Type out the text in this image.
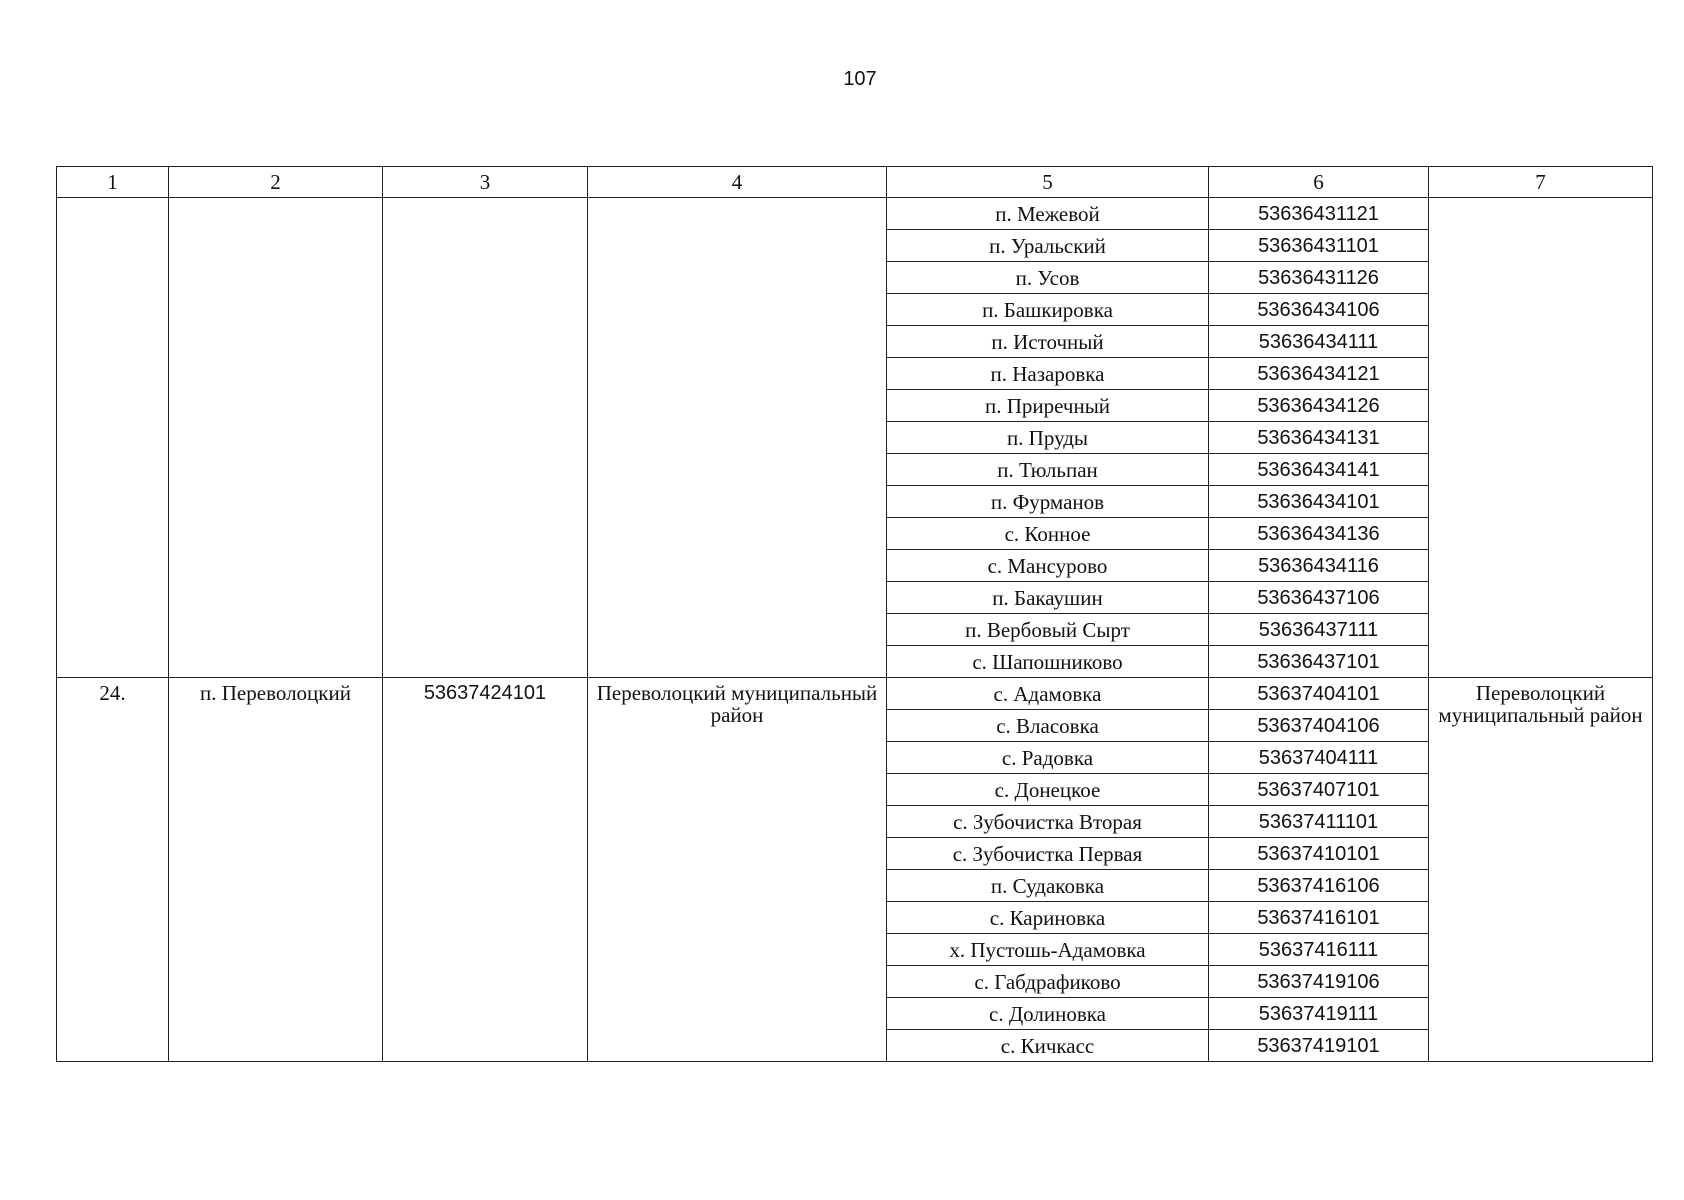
107
1	2	3	4	5	6	7
				п. Межевой	53636431121	
				п. Уральский	53636431101	
				п. Усов	53636431126	
				п. Башкировка	53636434106	
				п. Источный	53636434111	
				п. Назаровка	53636434121	
				п. Приречный	53636434126	
				п. Пруды	53636434131	
				п. Тюльпан	53636434141	
				п. Фурманов	53636434101	
				с. Конное	53636434136	
				с. Мансурово	53636434116	
				п. Бакаушин	53636437106	
				п. Вербовый Сырт	53636437111	
				с. Шапошниково	53636437101	
24.	п. Переволоцкий	53637424101	Переволоцкий муниципальный район	с. Адамовка	53637404101	Переволоцкий муниципальный район
				с. Власовка	53637404106	
				с. Радовка	53637404111	
				с. Донецкое	53637407101	
				с. Зубочистка Вторая	53637411101	
				с. Зубочистка Первая	53637410101	
				п. Судаковка	53637416106	
				с. Кариновка	53637416101	
				х. Пустошь-Адамовка	53637416111	
				с. Габдрафиково	53637419106	
				с. Долиновка	53637419111	
				с. Кичкасс	53637419101	
